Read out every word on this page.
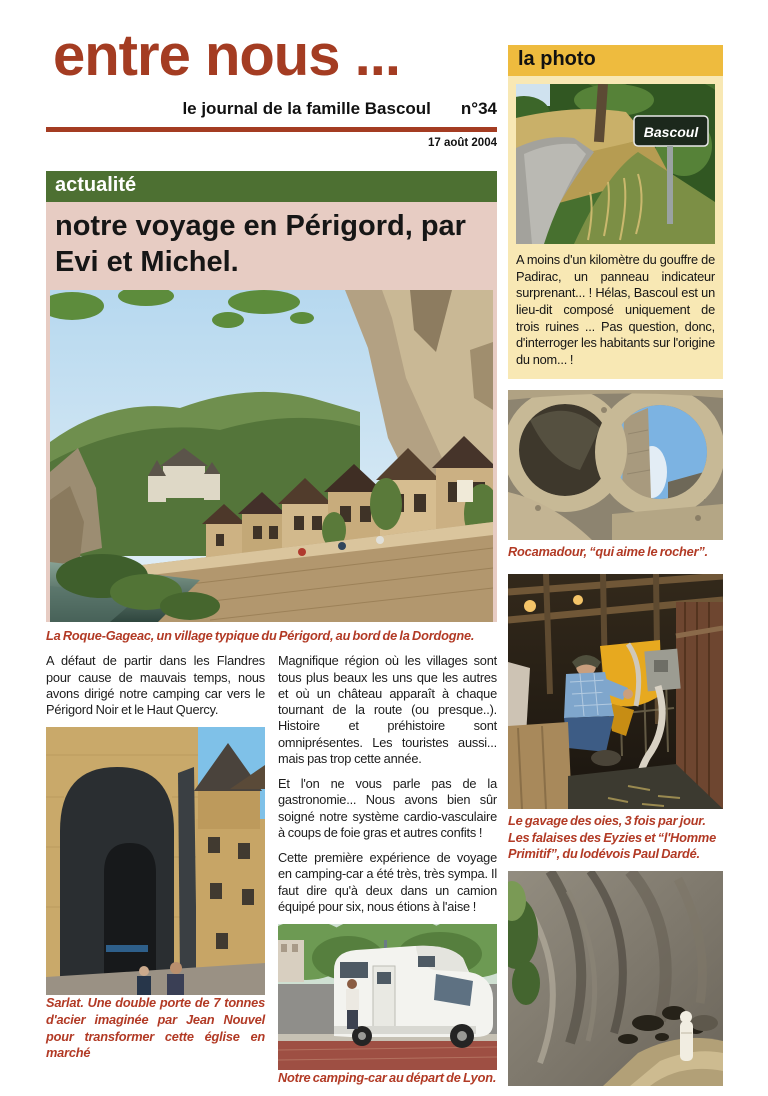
entre nous ...
le journal de la famille Bascoul n°34
17 août 2004
actualité
notre voyage en Périgord, par Evi et Michel.

La Roque-Gageac, un village typique du Périgord, au bord de la Dordogne.

A défaut de partir dans les Flandres pour cause de mauvais temps, nous avons dirigé notre camping car vers le Périgord Noir et le Haut Quercy.

Sarlat. Une double porte de 7 tonnes d'acier imaginée par Jean Nouvel pour transformer cette église en marché

Magnifique région où les villages sont tous plus beaux les uns que les autres et où un château apparaît à chaque tournant de la route (ou presque..). Histoire et préhistoire sont omniprésentes. Les touristes aussi... mais pas trop cette année.

Et l'on ne vous parle pas de la gastronomie... Nous avons bien sûr soigné notre système cardio-vasculaire à coups de foie gras et autres confits !

Cette première expérience de voyage en camping-car a été très, très sympa. Il faut dire qu'à deux dans un camion équipé pour six, nous étions à l'aise !

Notre camping-car au départ de Lyon.

la photo
Bascoul

A moins d'un kilomètre du gouffre de Padirac, un panneau indicateur surprenant... ! Hélas, Bascoul est un lieu-dit composé uniquement de trois ruines ... Pas question, donc, d'interroger les habitants sur l'origine du nom... !

Rocamadour, “qui aime le rocher”.

Le gavage des oies, 3 fois par jour.

Les falaises des Eyzies et “l'Homme Primitif”, du lodévois Paul Dardé.
